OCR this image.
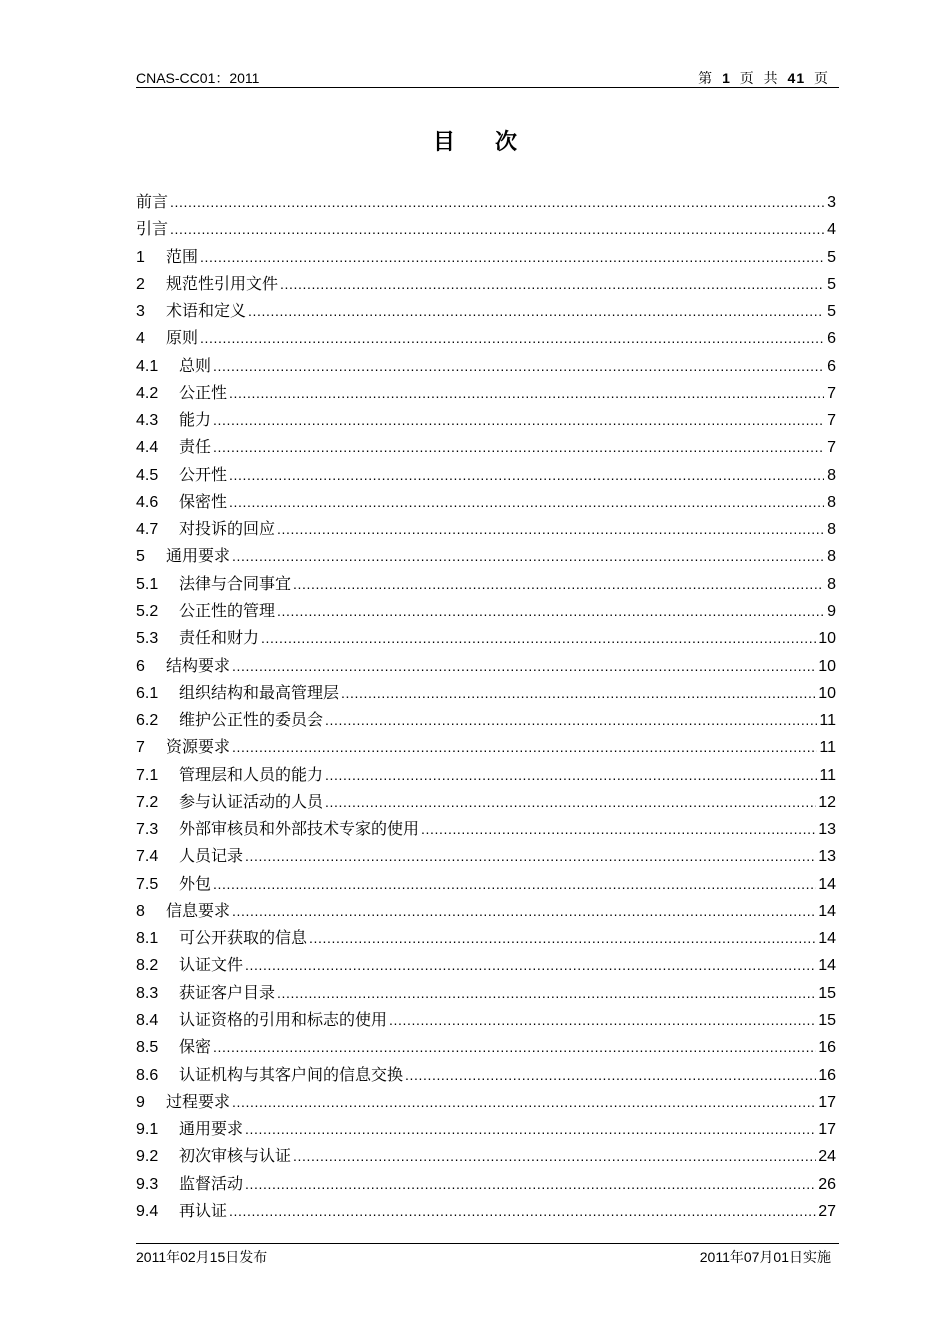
CNAS-CC01：2011	第 1 页 共 41 页
目次
前言 .....	3
引言 .....	4
1	范围 .....	5
2	规范性引用文件 .....	5
3	术语和定义 .....	5
4	原则 .....	6
4.1	总则 .....	6
4.2	公正性 .....	7
4.3	能力 .....	7
4.4	责任 .....	7
4.5	公开性 .....	8
4.6	保密性 .....	8
4.7	对投诉的回应 .....	8
5	通用要求 .....	8
5.1	法律与合同事宜 .....	8
5.2	公正性的管理 .....	9
5.3	责任和财力 .....	10
6	结构要求 .....	10
6.1	组织结构和最高管理层 .....	10
6.2	维护公正性的委员会 .....	11
7	资源要求 .....	11
7.1	管理层和人员的能力 .....	11
7.2	参与认证活动的人员 .....	12
7.3	外部审核员和外部技术专家的使用 .....	13
7.4	人员记录 .....	13
7.5	外包 .....	14
8	信息要求 .....	14
8.1	可公开获取的信息 .....	14
8.2	认证文件 .....	14
8.3	获证客户目录 .....	15
8.4	认证资格的引用和标志的使用 .....	15
8.5	保密 .....	16
8.6	认证机构与其客户间的信息交换 .....	16
9	过程要求 .....	17
9.1	通用要求 .....	17
9.2	初次审核与认证 .....	24
9.3	监督活动 .....	26
9.4	再认证 .....	27
2011年02月15日发布	2011年07月01日实施
